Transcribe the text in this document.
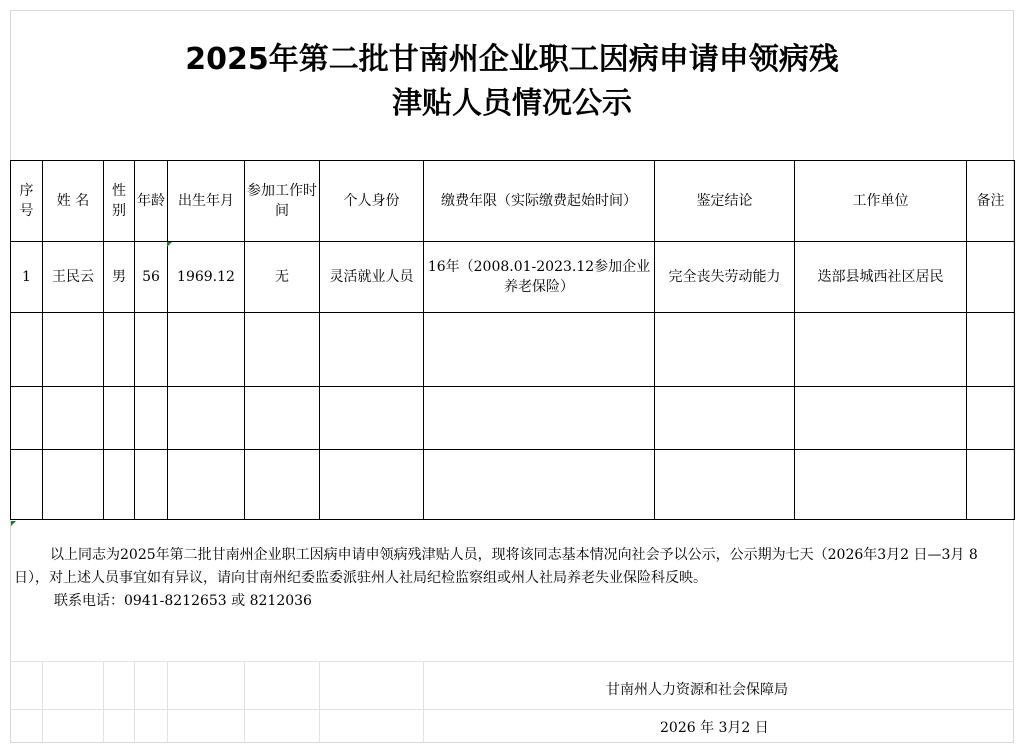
2025年第二批甘南州企业职工因病申请申领病残
津贴人员情况公示
序号	姓 名	性别	年龄	出生年月	参加工作时间	个人身份	缴费年限（实际缴费起始时间）	鉴定结论	工作单位	备注
1	王民云	男	56	1969.12	无	灵活就业人员	16年（2008.01-2023.12参加企业养老保险）	完全丧失劳动能力	迭部县城西社区居民	

以上同志为2025年第二批甘南州企业职工因病申请申领病残津贴人员，现将该同志基本情况向社会予以公示，公示期为七天（2026年3月2 日—3月 8 日），对上述人员事宜如有异议，请向甘南州纪委监委派驻州人社局纪检监察组或州人社局养老失业保险科反映。

联系电话：0941-8212653 或 8212036

甘南州人力资源和社会保障局
2026 年 3月2 日
